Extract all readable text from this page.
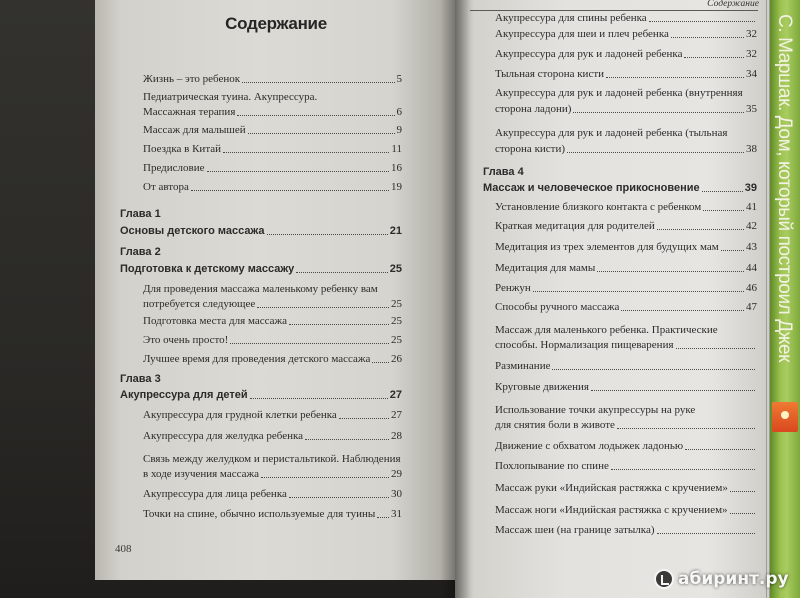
Содержание
Жизнь – это ребенок	5
Педиатрическая туина. Акупрессура.
Массажная терапия	6
Массаж для малышей	9
Поездка в Китай	11
Предисловие	16
От автора	19
Глава 1
Основы детского массажа	21
Глава 2
Подготовка к детскому массажу	25
Для проведения массажа маленькому ребенку вам
потребуется следующее	25
Подготовка места для массажа	25
Это очень просто!	25
Лучшее время для проведения детского массажа 26
Глава 3
Акупрессура для детей	27
Акупрессура для грудной клетки ребенка	27
Акупрессура для желудка ребенка	28
Связь между желудком и перистальтикой. Наблюдения
в ходе изучения массажа	29
Акупрессура для лица ребенка	30
Точки на спине, обычно используемые для туины 31
408
Содержание
Акупрессура для спины ребенка
Акупрессура для шеи и плеч ребенка	32
Акупрессура для рук и ладоней ребенка	32
Тыльная сторона кисти	34
Акупрессура для рук и ладоней ребенка (внутренняя
сторона ладони)	35
Акупрессура для рук и ладоней ребенка (тыльная
сторона кисти)	38
Глава 4
Массаж и человеческое прикосновение	39
Установление близкого контакта с ребенком	41
Краткая медитация для родителей	42
Медитация из трех элементов для будущих мам 43
Медитация для мамы	44
Ренжун	46
Способы ручного массажа	47
Массаж для маленького ребенка. Практические
способы. Нормализация пищеварения
Разминание
Круговые движения
Использование точки акупрессуры на руке
для снятия боли в животе
Движение с обхватом лодыжек ладонью
Похлопывание по спине
Массаж руки «Индийская растяжка с кручением»
Массаж ноги «Индийская растяжка с кручением»
Массаж шеи (на границе затылка)
С. Маршак. Дом, который построил Джек
абиринт.ру
